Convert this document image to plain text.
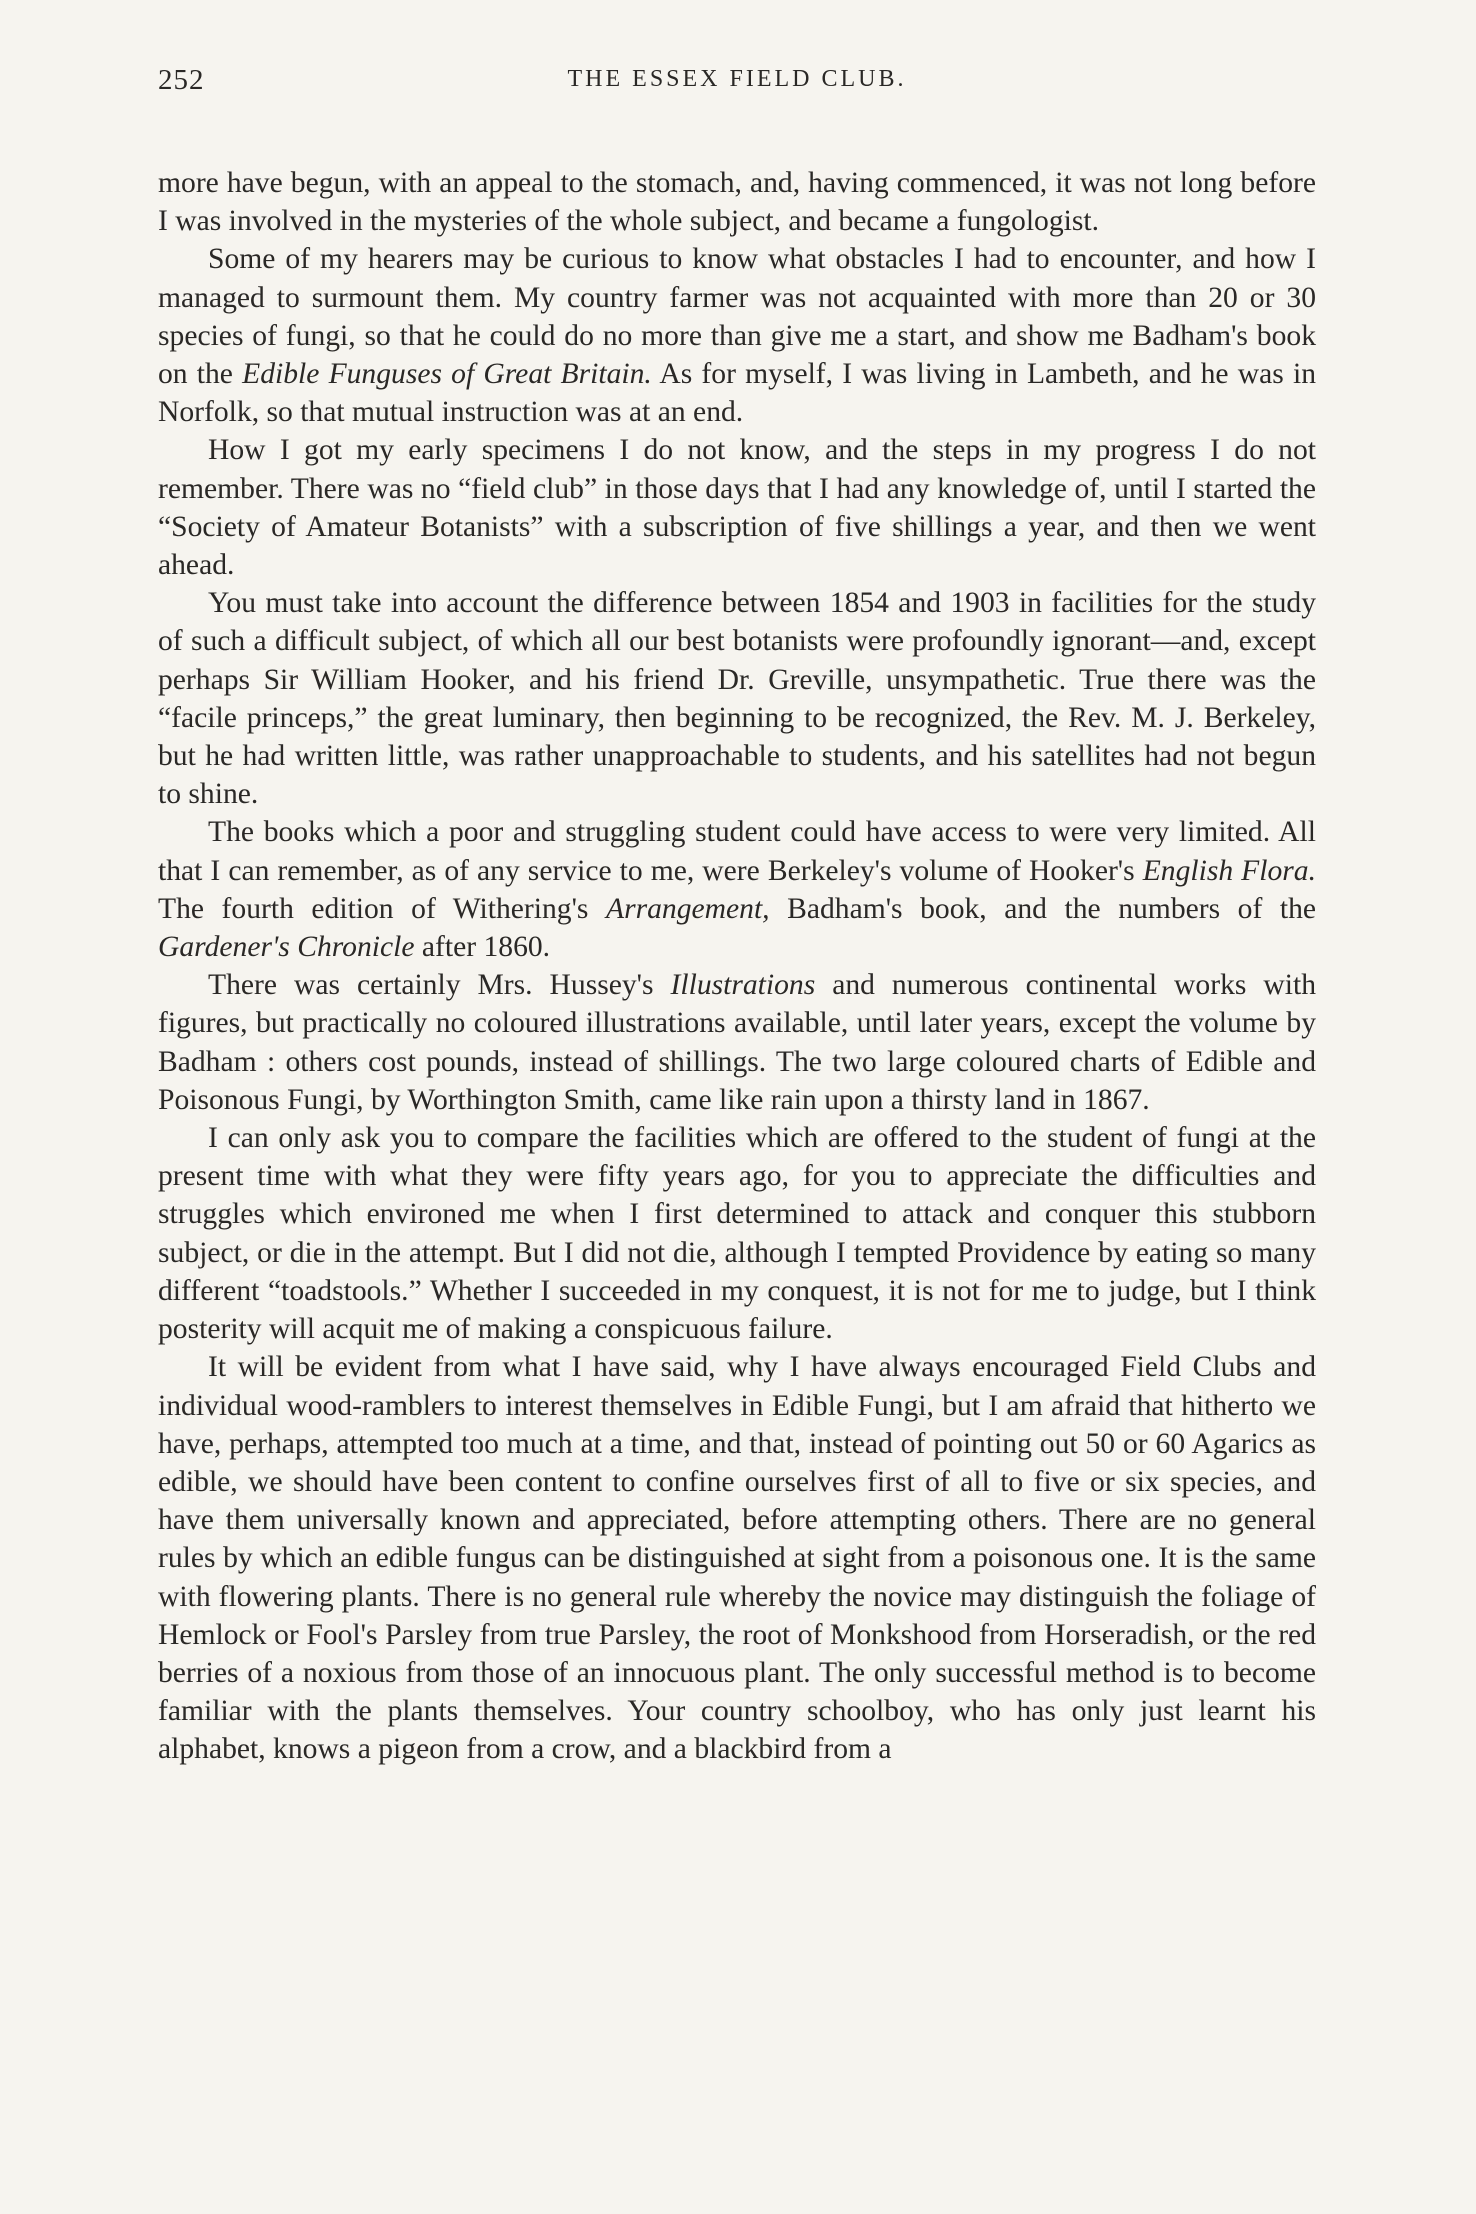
252	THE ESSEX FIELD CLUB.

more have begun, with an appeal to the stomach, and, having commenced, it was not long before I was involved in the mysteries of the whole subject, and became a fungologist.

Some of my hearers may be curious to know what obstacles I had to encounter, and how I managed to surmount them. My country farmer was not acquainted with more than 20 or 30 species of fungi, so that he could do no more than give me a start, and show me Badham's book on the Edible Funguses of Great Britain. As for myself, I was living in Lambeth, and he was in Norfolk, so that mutual instruction was at an end.

How I got my early specimens I do not know, and the steps in my progress I do not remember. There was no “field club” in those days that I had any knowledge of, until I started the “Society of Amateur Botanists” with a subscription of five shillings a year, and then we went ahead.

You must take into account the difference between 1854 and 1903 in facilities for the study of such a difficult subject, of which all our best botanists were profoundly ignorant—and, except perhaps Sir William Hooker, and his friend Dr. Greville, unsympathetic. True there was the “facile princeps,” the great luminary, then beginning to be recognized, the Rev. M. J. Berkeley, but he had written little, was rather unapproachable to students, and his satellites had not begun to shine.

The books which a poor and struggling student could have access to were very limited. All that I can remember, as of any service to me, were Berkeley's volume of Hooker's English Flora. The fourth edition of Withering's Arrangement, Badham's book, and the numbers of the Gardener's Chronicle after 1860.

There was certainly Mrs. Hussey's Illustrations and numerous continental works with figures, but practically no coloured illustrations available, until later years, except the volume by Badham : others cost pounds, instead of shillings. The two large coloured charts of Edible and Poisonous Fungi, by Worthington Smith, came like rain upon a thirsty land in 1867.

I can only ask you to compare the facilities which are offered to the student of fungi at the present time with what they were fifty years ago, for you to appreciate the difficulties and struggles which environed me when I first determined to attack and conquer this stubborn subject, or die in the attempt. But I did not die, although I tempted Providence by eating so many different “toadstools.” Whether I succeeded in my conquest, it is not for me to judge, but I think posterity will acquit me of making a conspicuous failure.

It will be evident from what I have said, why I have always encouraged Field Clubs and individual wood-ramblers to interest themselves in Edible Fungi, but I am afraid that hitherto we have, perhaps, attempted too much at a time, and that, instead of pointing out 50 or 60 Agarics as edible, we should have been content to confine ourselves first of all to five or six species, and have them universally known and appreciated, before attempting others. There are no general rules by which an edible fungus can be distinguished at sight from a poisonous one. It is the same with flowering plants. There is no general rule whereby the novice may distinguish the foliage of Hemlock or Fool's Parsley from true Parsley, the root of Monkshood from Horseradish, or the red berries of a noxious from those of an innocuous plant. The only successful method is to become familiar with the plants themselves. Your country schoolboy, who has only just learnt his alphabet, knows a pigeon from a crow, and a blackbird from a
